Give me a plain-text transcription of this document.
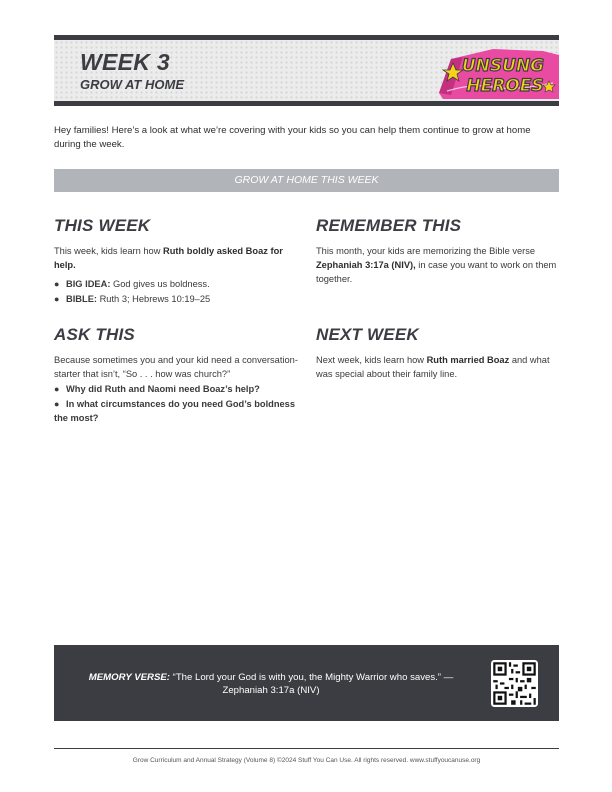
WEEK 3
GROW AT HOME
UNSUNG
HEROES

Hey families! Here’s a look at what we’re covering with your kids so you can help them continue to grow at home during the week.

GROW AT HOME THIS WEEK
THIS WEEK

This week, kids learn how Ruth boldly asked Boaz for help.

● BIG IDEA: God gives us boldness.
● BIBLE: Ruth 3; Hebrews 10:19–25
REMEMBER THIS

This month, your kids are memorizing the Bible verse Zephaniah 3:17a (NIV), in case you want to work on them together.

ASK THIS

Because sometimes you and your kid need a conversation-starter that isn’t, “So . . . how was church?”

● Why did Ruth and Naomi need Boaz’s help?
● In what circumstances do you need God’s boldness the most?
NEXT WEEK

Next week, kids learn how Ruth married Boaz and what was special about their family line.

MEMORY VERSE: “The Lord your God is with you, the Mighty Warrior who saves.” —
Zephaniah 3:17a (NIV)
Grow Curriculum and Annual Strategy (Volume 8) ©2024 Stuff You Can Use. All rights reserved. www.stuffyoucanuse.org
